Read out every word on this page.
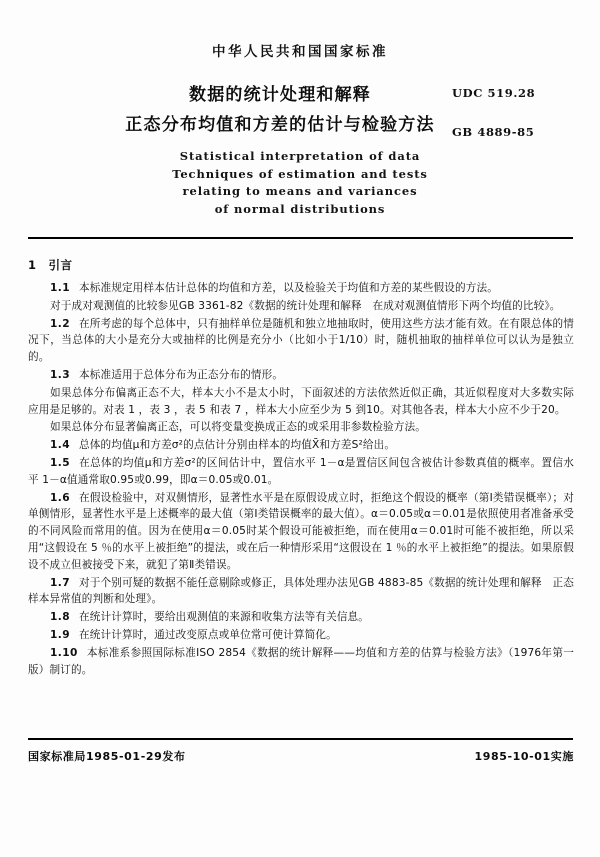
中华人民共和国国家标准
数据的统计处理和解释
正态分布均值和方差的估计与检验方法
UDC 519.28
GB 4889-85
Statistical interpretation of data
Techniques of estimation and tests
relating to means and variances
of normal distributions
1 引言
1.1 本标准规定用样本估计总体的均值和方差，以及检验关于均值和方差的某些假设的方法。
对于成对观测值的比较参见GB 3361-82《数据的统计处理和解释　在成对观测值情形下两个均值的比较》。
1.2 在所考虑的每个总体中，只有抽样单位是随机和独立地抽取时，使用这些方法才能有效。在有限总体的情况下，当总体的大小是充分大或抽样的比例是充分小（比如小于1/10）时，随机抽取的抽样单位可以认为是独立的。
1.3 本标准适用于总体分布为正态分布的情形。
如果总体分布偏离正态不大，样本大小不是太小时，下面叙述的方法依然近似正确，其近似程度对大多数实际应用是足够的。对表 1 ，表 3 ，表 5 和表 7 ，样本大小应至少为 5 到10。对其他各表，样本大小应不少于20。
如果总体分布显著偏离正态，可以将变量变换成正态的或采用非参数检验方法。
1.4 总体的均值μ和方差σ²的点估计分别由样本的均值X̄和方差S²给出。
1.5 在总体的均值μ和方差σ²的区间估计中，置信水平 1－α是置信区间包含被估计参数真值的概率。置信水平 1－α值通常取0.95或0.99，即α＝0.05或0.01。
1.6 在假设检验中，对双侧情形，显著性水平是在原假设成立时，拒绝这个假设的概率（第Ⅰ类错误概率）；对单侧情形，显著性水平是上述概率的最大值（第Ⅰ类错误概率的最大值）。α＝0.05或α＝0.01是依照使用者准备承受的不同风险而常用的值。因为在使用α＝0.05时某个假设可能被拒绝，而在使用α＝0.01时可能不被拒绝，所以采用“这假设在 5 ％的水平上被拒绝”的提法，或在后一种情形采用“这假设在 1 ％的水平上被拒绝”的提法。如果原假设不成立但被接受下来，就犯了第Ⅱ类错误。
1.7 对于个别可疑的数据不能任意剔除或修正，具体处理办法见GB 4883-85《数据的统计处理和解释　正态样本异常值的判断和处理》。
1.8 在统计计算时，要给出观测值的来源和收集方法等有关信息。
1.9 在统计计算时，通过改变原点或单位常可使计算简化。
1.10 本标准系参照国际标准ISO 2854《数据的统计解释——均值和方差的估算与检验方法》（1976年第一版）制订的。
国家标准局1985-01-29发布	1985-10-01实施
